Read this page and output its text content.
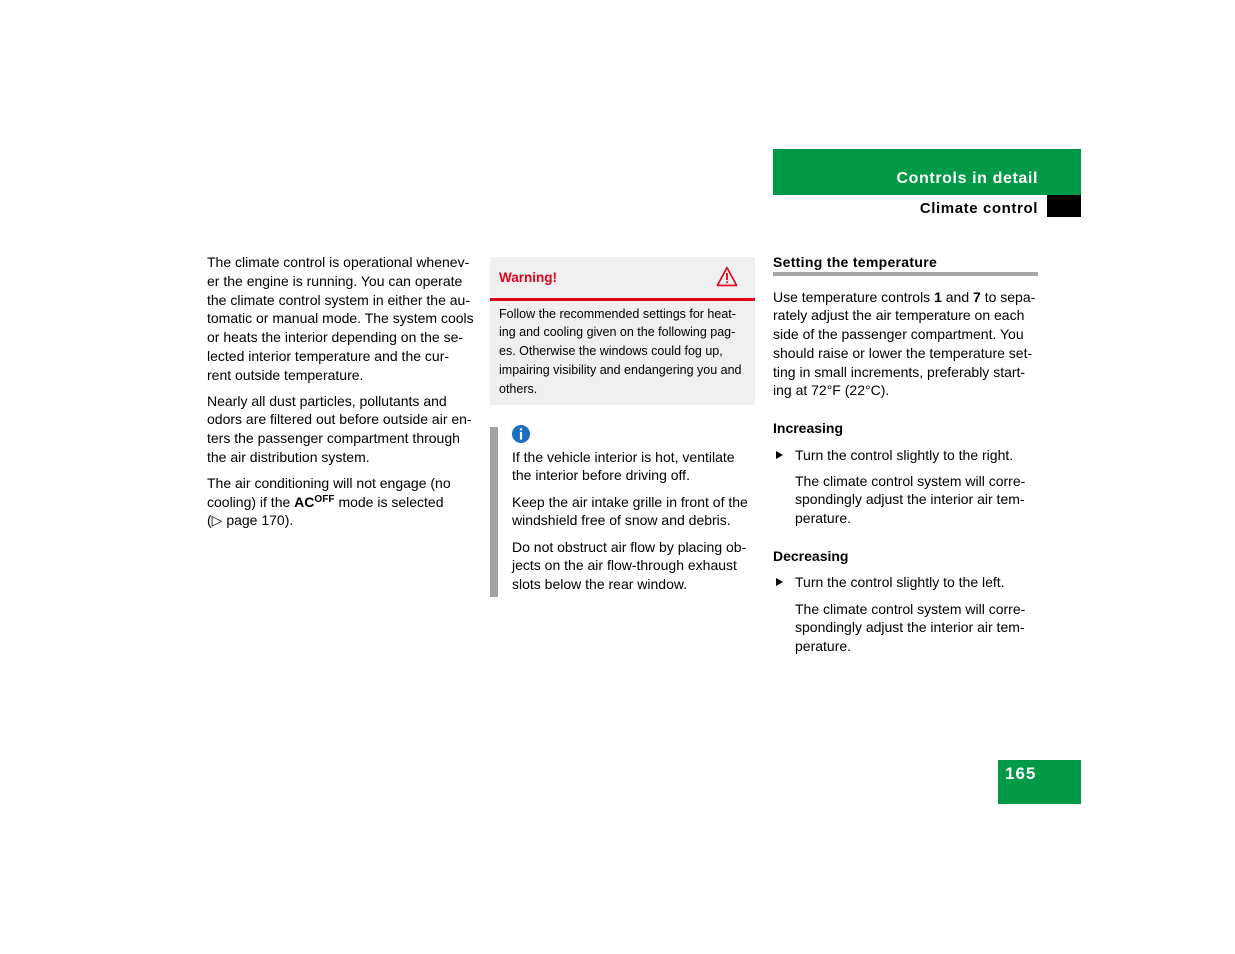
Controls in detail
Climate control

The climate control is operational whenev-
er the engine is running. You can operate
the climate control system in either the au-
tomatic or manual mode. The system cools
or heats the interior depending on the se-
lected interior temperature and the cur-
rent outside temperature.

Nearly all dust particles, pollutants and
odors are filtered out before outside air en-
ters the passenger compartment through
the air distribution system.

The air conditioning will not engage (no
cooling) if the $AC^{OFF}$ mode is selected
(▷ page 170).

Warning!

Follow the recommended settings for heat-
ing and cooling given on the following pag-
es. Otherwise the windows could fog up,
impairing visibility and endangering you and
others.

If the vehicle interior is hot, ventilate
the interior before driving off.

Keep the air intake grille in front of the
windshield free of snow and debris.

Do not obstruct air flow by placing ob-
jects on the air flow-through exhaust
slots below the rear window.

Setting the temperature

Use temperature controls 1 and 7 to sepa-
rately adjust the air temperature on each
side of the passenger compartment. You
should raise or lower the temperature set-
ting in small increments, preferably start-
ing at 72°F (22°C).

Increasing

Turn the control slightly to the right.

The climate control system will corre-
spondingly adjust the interior air tem-
perature.

Decreasing

Turn the control slightly to the left.

The climate control system will corre-
spondingly adjust the interior air tem-
perature.

165
